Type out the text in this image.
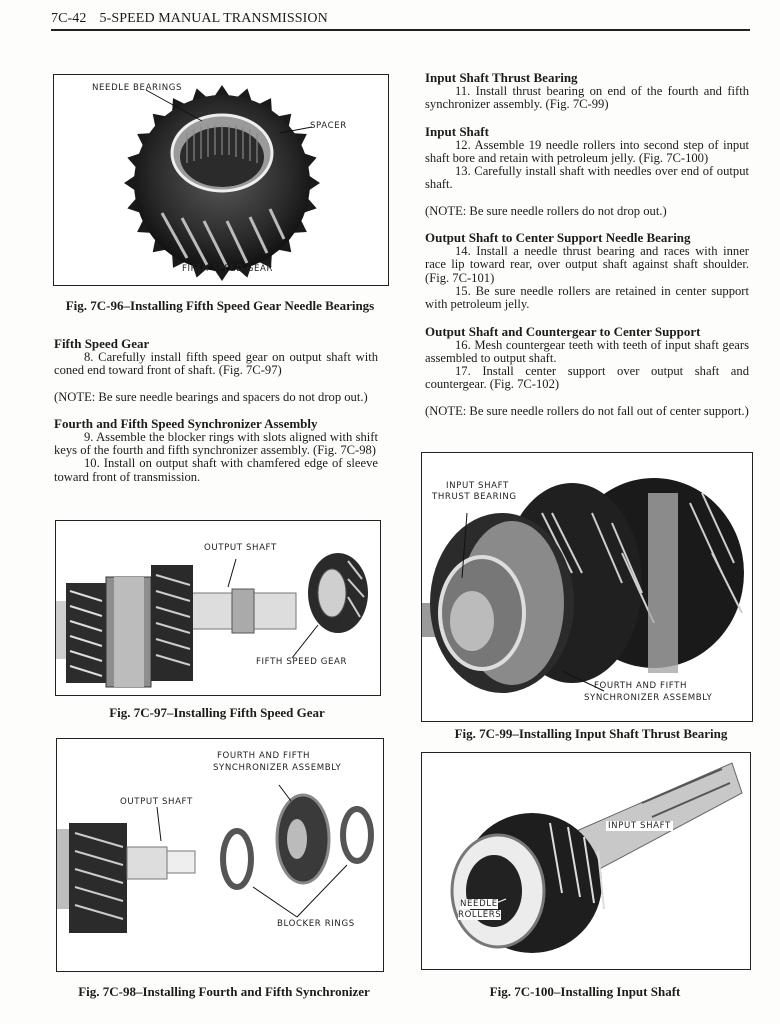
7C-42 5-SPEED MANUAL TRANSMISSION
NEEDLE BEARINGS
SPACER
FIFTH SPEED GEAR
Fig. 7C-96–Installing Fifth Speed Gear Needle Bearings
Fifth Speed Gear
8. Carefully install fifth speed gear on output shaft with coned end toward front of shaft. (Fig. 7C-97)
(NOTE: Be sure needle bearings and spacers do not drop out.)
Fourth and Fifth Speed Synchronizer Assembly
9. Assemble the blocker rings with slots aligned with shift keys of the fourth and fifth synchronizer assembly. (Fig. 7C-98)
10. Install on output shaft with chamfered edge of sleeve toward front of transmission.
OUTPUT SHAFT
FIFTH SPEED GEAR
Fig. 7C-97–Installing Fifth Speed Gear
FOURTH AND FIFTH
SYNCHRONIZER ASSEMBLY
OUTPUT SHAFT
BLOCKER RINGS
Fig. 7C-98–Installing Fourth and Fifth Synchronizer
Input Shaft Thrust Bearing
11. Install thrust bearing on end of the fourth and fifth synchronizer assembly. (Fig. 7C-99)
Input Shaft
12. Assemble 19 needle rollers into second step of input shaft bore and retain with petroleum jelly. (Fig. 7C-100)
13. Carefully install shaft with needles over end of output shaft.
(NOTE: Be sure needle rollers do not drop out.)
Output Shaft to Center Support Needle Bearing
14. Install a needle thrust bearing and races with inner race lip toward rear, over output shaft against shaft shoulder. (Fig. 7C-101)
15. Be sure needle rollers are retained in center support with petroleum jelly.
Output Shaft and Countergear to Center Support
16. Mesh countergear teeth with teeth of input shaft gears assembled to output shaft.
17. Install center support over output shaft and countergear. (Fig. 7C-102)
(NOTE: Be sure needle rollers do not fall out of center support.)
INPUT SHAFT
THRUST BEARING
FOURTH AND FIFTH
SYNCHRONIZER ASSEMBLY
Fig. 7C-99–Installing Input Shaft Thrust Bearing
INPUT SHAFT
NEEDLE
ROLLERS
Fig. 7C-100–Installing Input Shaft
